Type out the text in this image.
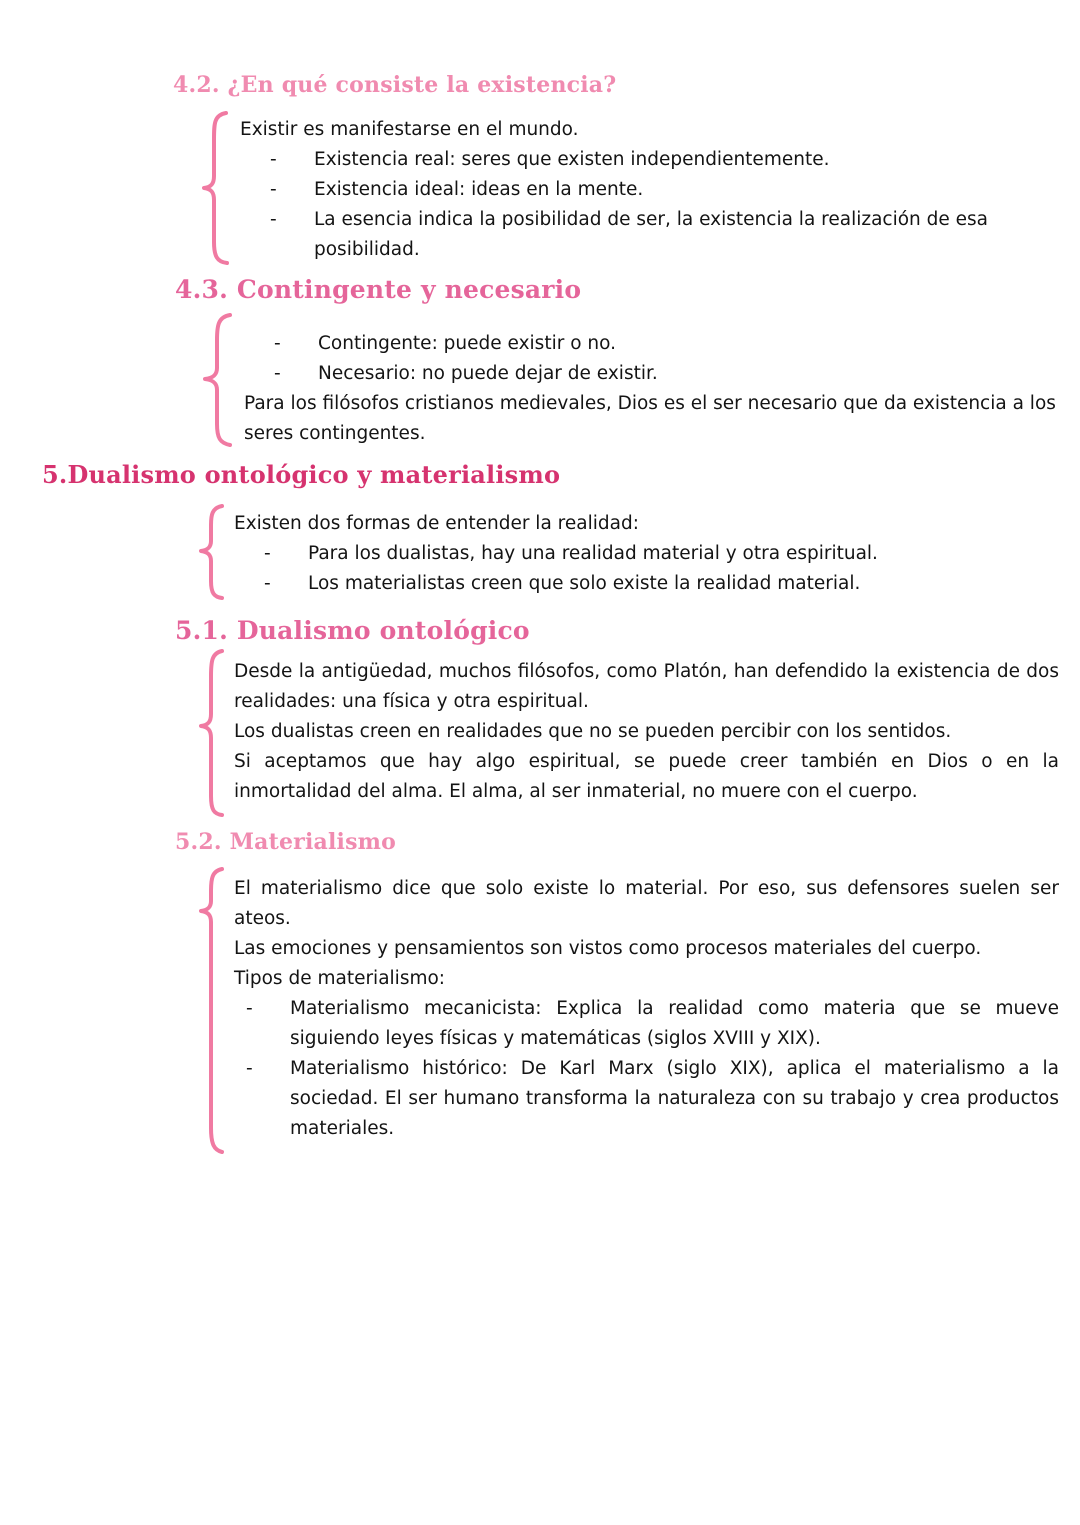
4.2. ¿En qué consiste la existencia?

Existir es manifestarse en el mundo.

- Existencia real: seres que existen independientemente.
- Existencia ideal: ideas en la mente.
- La esencia indica la posibilidad de ser, la existencia la realización de esa posibilidad.
4.3. Contingente y necesario
- Contingente: puede existir o no.
- Necesario: no puede dejar de existir.

Para los filósofos cristianos medievales, Dios es el ser necesario que da existencia a los seres contingentes.

5.Dualismo ontológico y materialismo

Existen dos formas de entender la realidad:

- Para los dualistas, hay una realidad material y otra espiritual.
- Los materialistas creen que solo existe la realidad material.
5.1. Dualismo ontológico

Desde la antigüedad, muchos filósofos, como Platón, han defendido la existencia de dos realidades: una física y otra espiritual.

Los dualistas creen en realidades que no se pueden percibir con los sentidos.

Si aceptamos que hay algo espiritual, se puede creer también en Dios o en la inmortalidad del alma. El alma, al ser inmaterial, no muere con el cuerpo.

5.2. Materialismo

El materialismo dice que solo existe lo material. Por eso, sus defensores suelen ser ateos.

Las emociones y pensamientos son vistos como procesos materiales del cuerpo.

Tipos de materialismo:

- Materialismo mecanicista: Explica la realidad como materia que se mueve siguiendo leyes físicas y matemáticas (siglos XVIII y XIX).
- Materialismo histórico: De Karl Marx (siglo XIX), aplica el materialismo a la sociedad. El ser humano transforma la naturaleza con su trabajo y crea productos materiales.
